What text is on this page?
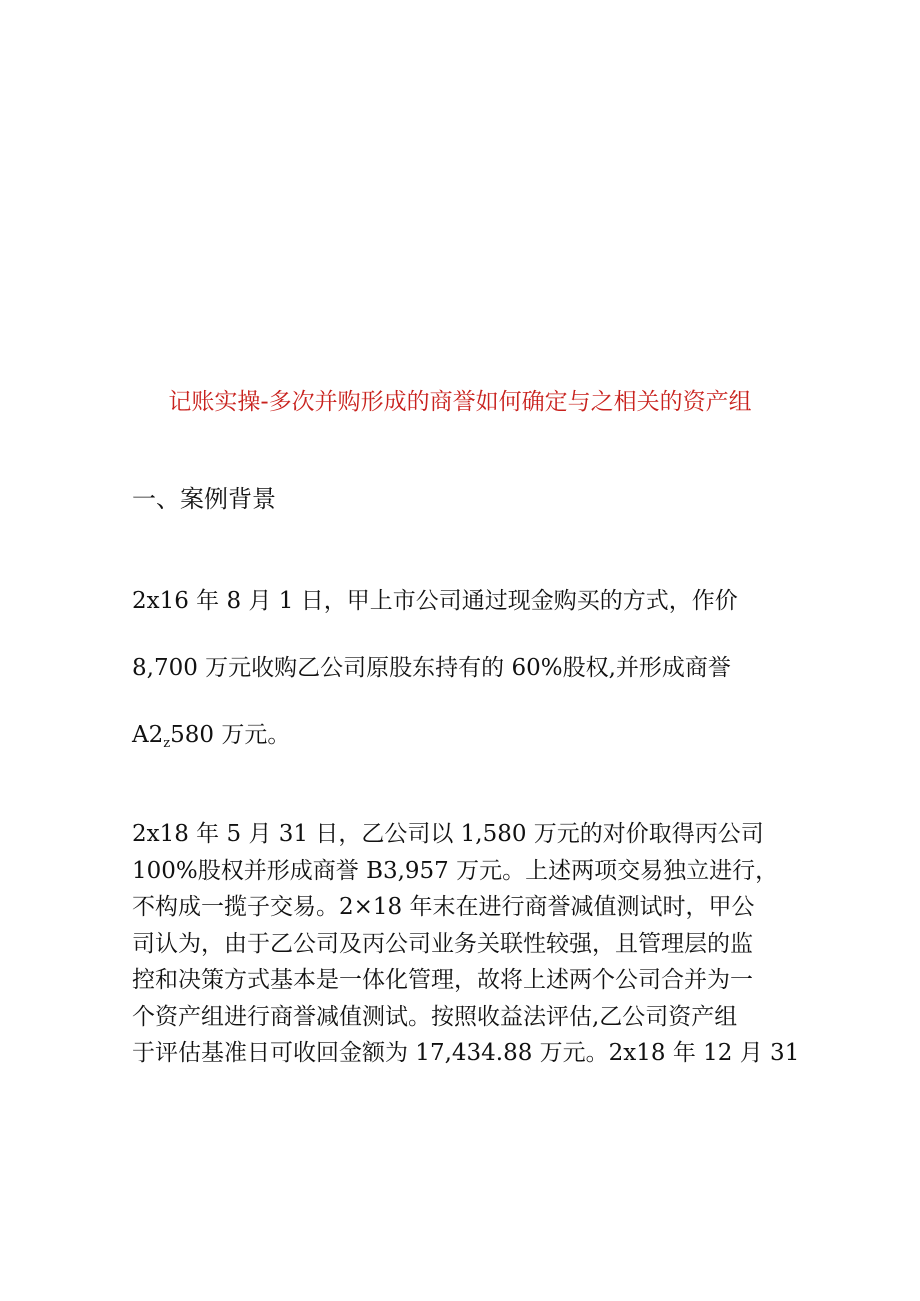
记账实操-多次并购形成的商誉如何确定与之相关的资产组
一、案例背景
2x16 年 8 月 1 日，甲上市公司通过现金购买的方式，作价
8,700 万元收购乙公司原股东持有的 60%股权,并形成商誉
$A2_z580$ 万元。
2x18 年 5 月 31 日，乙公司以 1,580 万元的对价取得丙公司
100%股权并形成商誉 B3,957 万元。上述两项交易独立进行，
不构成一揽子交易。2×18 年末在进行商誉减值测试时，甲公
司认为，由于乙公司及丙公司业务关联性较强，且管理层的监
控和决策方式基本是一体化管理，故将上述两个公司合并为一
个资产组进行商誉减值测试。按照收益法评估,乙公司资产组
于评估基准日可收回金额为 17,434.88 万元。2x18 年 12 月 31
